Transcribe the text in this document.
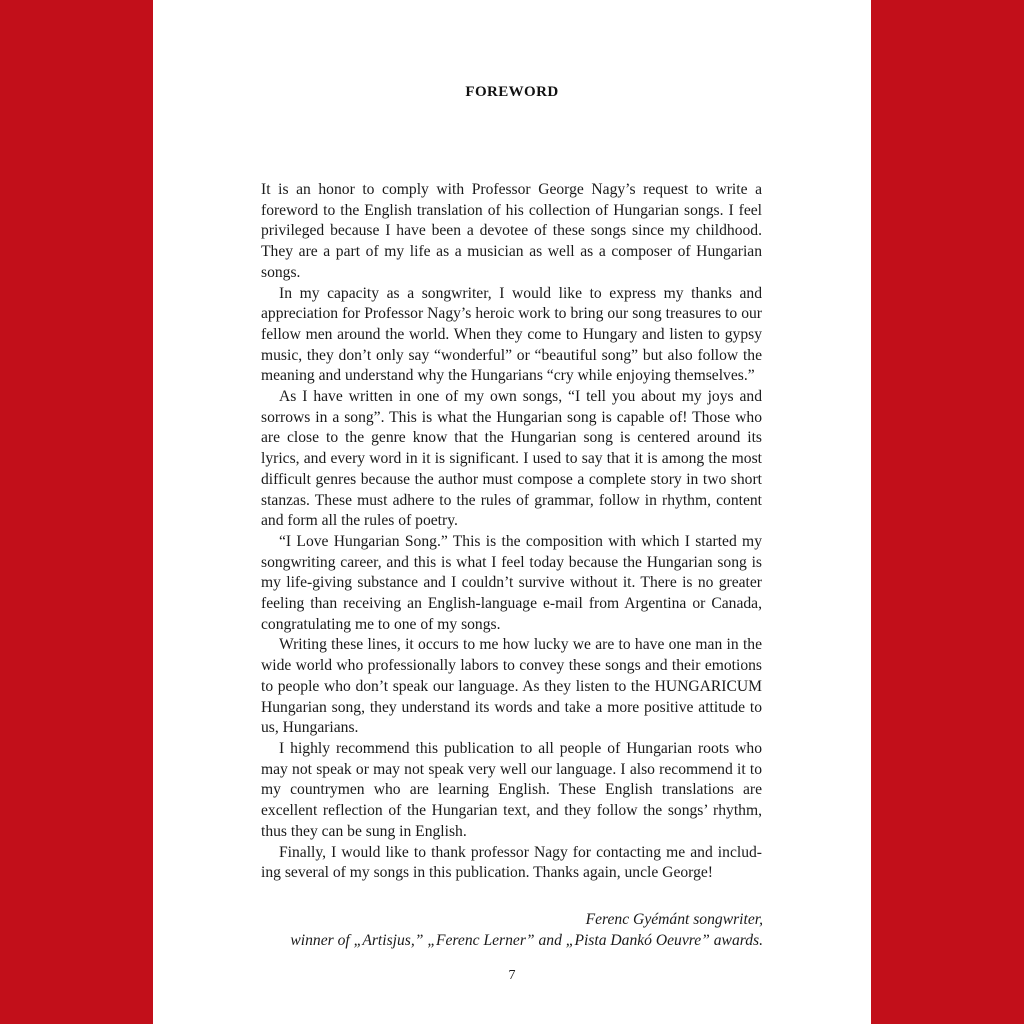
FOREWORD

It is an honor to comply with Professor George Nagy’s request to write a foreword to the English translation of his collection of Hungarian songs. I feel privileged because I have been a devotee of these songs since my childhood. They are a part of my life as a musician as well as a composer of Hungarian songs.

In my capacity as a songwriter, I would like to express my thanks and appreciation for Professor Nagy’s heroic work to bring our song treasures to our fellow men around the world. When they come to Hungary and listen to gypsy music, they don’t only say “wonderful” or “beautiful song” but also follow the meaning and understand why the Hungarians “cry while enjoying themselves.”

As I have written in one of my own songs, “I tell you about my joys and sorrows in a song”. This is what the Hungarian song is capable of! Those who are close to the genre know that the Hungarian song is centered around its lyrics, and every word in it is significant. I used to say that it is among the most difficult genres because the author must compose a complete story in two short stanzas. These must adhere to the rules of grammar, follow in rhythm, content and form all the rules of poetry.

“I Love Hungarian Song.” This is the composition with which I started my songwriting career, and this is what I feel today because the Hungarian song is my life-giving substance and I couldn’t survive without it. There is no greater feeling than receiving an English-language e-mail from Argentina or Canada, congratulating me to one of my songs.

Writing these lines, it occurs to me how lucky we are to have one man in the wide world who professionally labors to convey these songs and their emotions to people who don’t speak our language. As they listen to the HUNGARICUM Hungarian song, they understand its words and take a more positive attitude to us, Hungarians.

I highly recommend this publication to all people of Hungarian roots who may not speak or may not speak very well our language. I also recommend it to my countrymen who are learning English. These English translations are excellent reflection of the Hungarian text, and they follow the songs’ rhythm, thus they can be sung in English.

Finally, I would like to thank professor Nagy for contacting me and including several of my songs in this publication. Thanks again, uncle George!

Ferenc Gyémánt songwriter,
winner of „Artisjus,” „Ferenc Lerner” and „Pista Dankó Oeuvre” awards.
7
